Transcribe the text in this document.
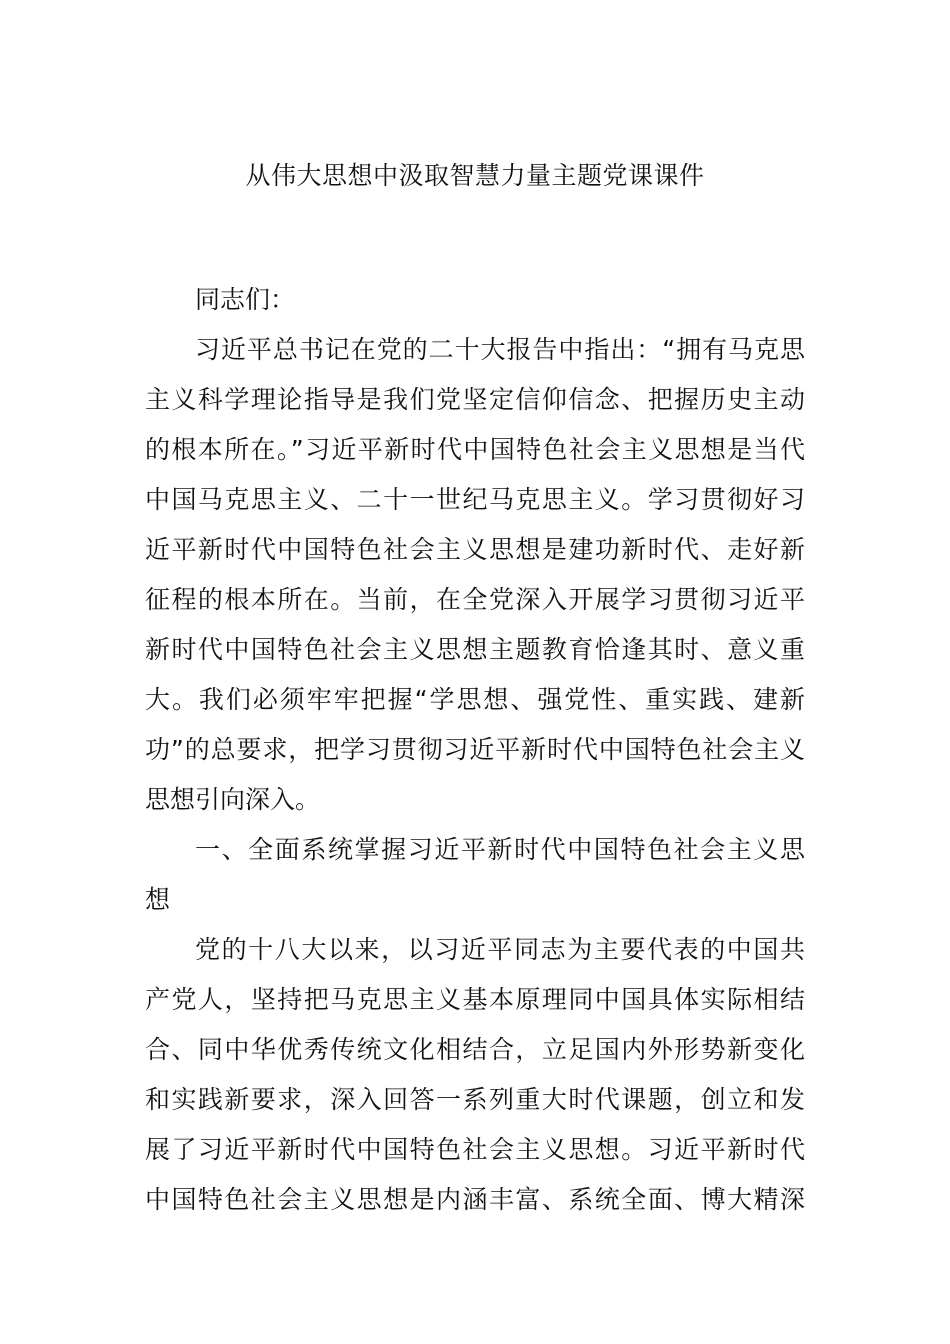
从伟大思想中汲取智慧力量主题党课课件
同志们：
习近平总书记在党的二十大报告中指出：“拥有马克思
主义科学理论指导是我们党坚定信仰信念、把握历史主动
的根本所在。”习近平新时代中国特色社会主义思想是当代
中国马克思主义、二十一世纪马克思主义。学习贯彻好习
近平新时代中国特色社会主义思想是建功新时代、走好新
征程的根本所在。当前，在全党深入开展学习贯彻习近平
新时代中国特色社会主义思想主题教育恰逢其时、意义重
大。我们必须牢牢把握“学思想、强党性、重实践、建新
功”的总要求，把学习贯彻习近平新时代中国特色社会主义
思想引向深入。
一、全面系统掌握习近平新时代中国特色社会主义思
想
党的十八大以来，以习近平同志为主要代表的中国共
产党人，坚持把马克思主义基本原理同中国具体实际相结
合、同中华优秀传统文化相结合，立足国内外形势新变化
和实践新要求，深入回答一系列重大时代课题，创立和发
展了习近平新时代中国特色社会主义思想。习近平新时代
中国特色社会主义思想是内涵丰富、系统全面、博大精深
